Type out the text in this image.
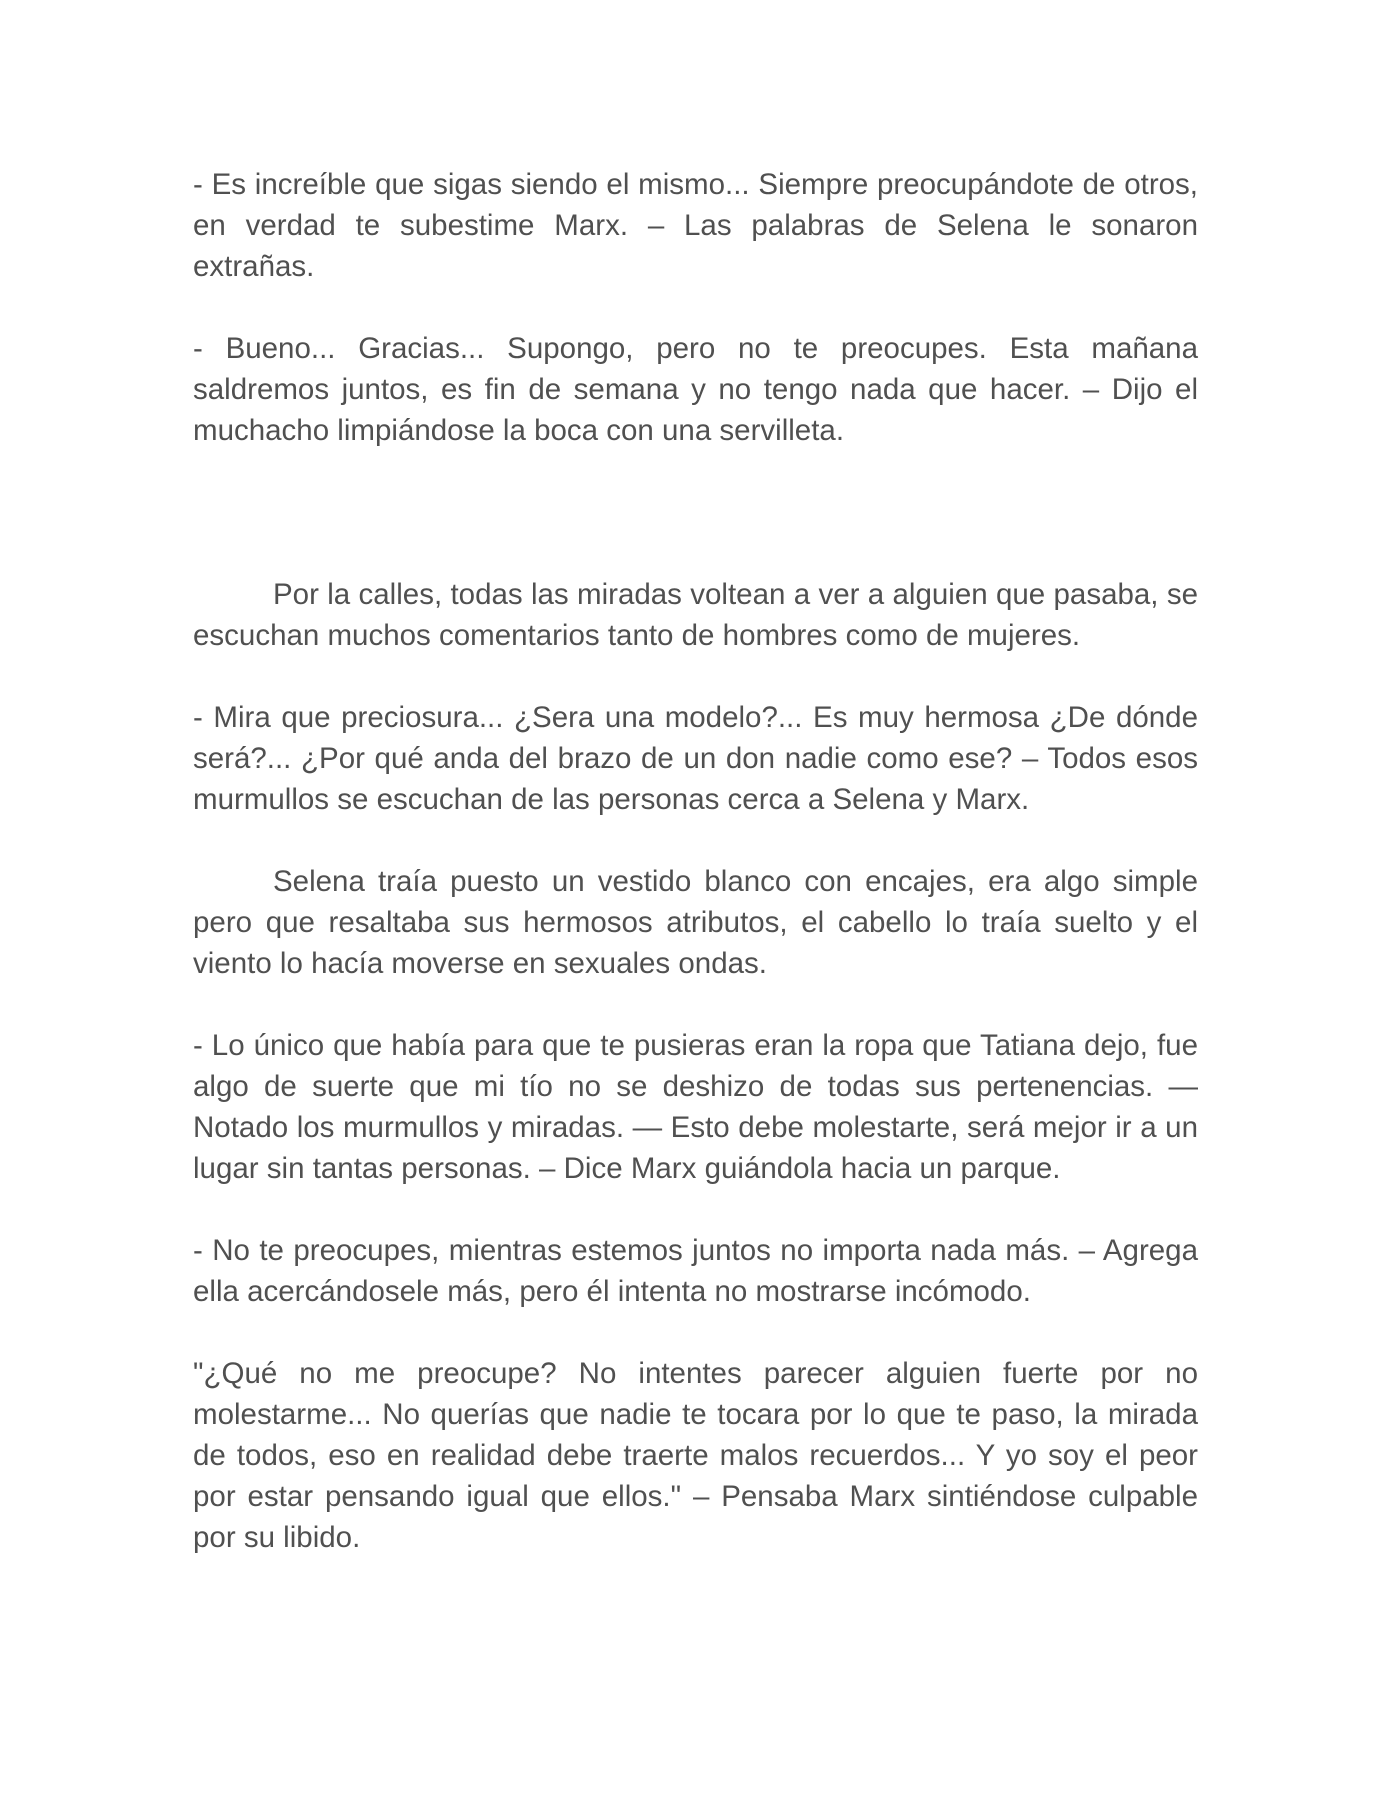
- Es increíble que sigas siendo el mismo... Siempre preocupándote de otros, en verdad te subestime Marx. – Las palabras de Selena le sonaron extrañas.

- Bueno... Gracias... Supongo, pero no te preocupes. Esta mañana saldremos juntos, es fin de semana y no tengo nada que hacer. – Dijo el muchacho limpiándose la boca con una servilleta.

Por la calles, todas las miradas voltean a ver a alguien que pasaba, se escuchan muchos comentarios tanto de hombres como de mujeres.

- Mira que preciosura... ¿Sera una modelo?... Es muy hermosa ¿De dónde será?... ¿Por qué anda del brazo de un don nadie como ese? – Todos esos murmullos se escuchan de las personas cerca a Selena y Marx.

Selena traía puesto un vestido blanco con encajes, era algo simple pero que resaltaba sus hermosos atributos, el cabello lo traía suelto y el viento lo hacía moverse en sexuales ondas.

- Lo único que había para que te pusieras eran la ropa que Tatiana dejo, fue algo de suerte que mi tío no se deshizo de todas sus pertenencias. — Notado los murmullos y miradas. — Esto debe molestarte, será mejor ir a un lugar sin tantas personas. – Dice Marx guiándola hacia un parque.

- No te preocupes, mientras estemos juntos no importa nada más. – Agrega ella acercándosele más, pero él intenta no mostrarse incómodo.

"¿Qué no me preocupe? No intentes parecer alguien fuerte por no molestarme... No querías que nadie te tocara por lo que te paso, la mirada de todos, eso en realidad debe traerte malos recuerdos... Y yo soy el peor por estar pensando igual que ellos." – Pensaba Marx sintiéndose culpable por su libido.
